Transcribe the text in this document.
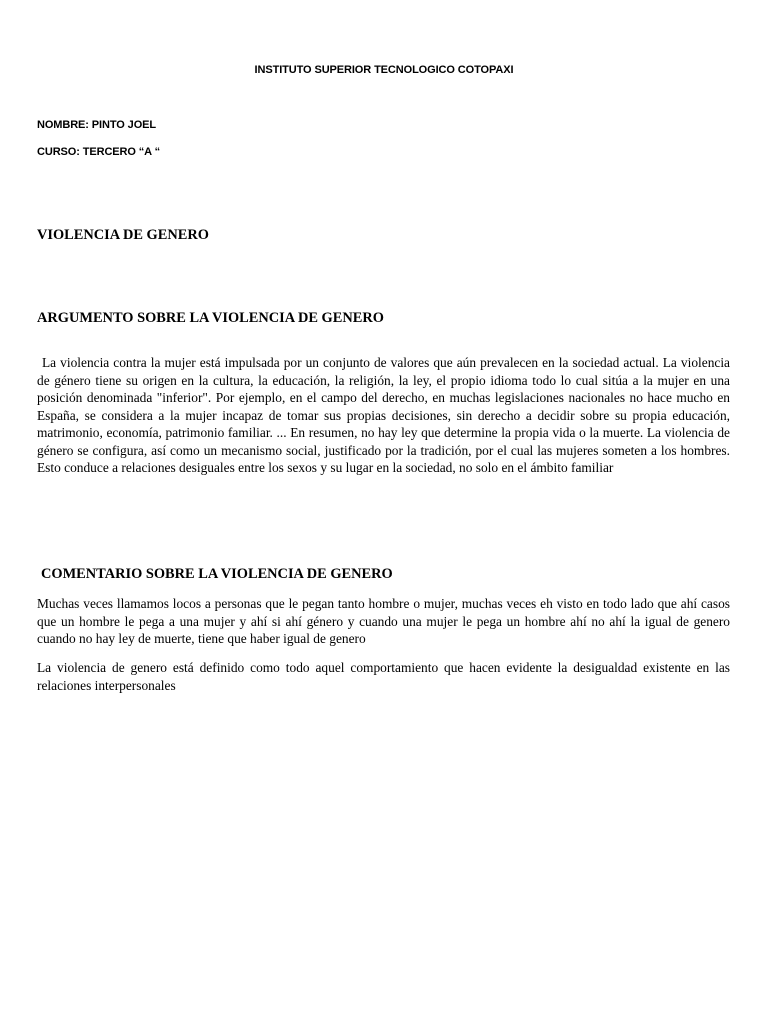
INSTITUTO SUPERIOR TECNOLOGICO COTOPAXI
NOMBRE: PINTO JOEL
CURSO: TERCERO “A “
VIOLENCIA DE GENERO
ARGUMENTO SOBRE LA VIOLENCIA DE GENERO
La violencia contra la mujer está impulsada por un conjunto de valores que aún prevalecen en la sociedad actual. La violencia de género tiene su origen en la cultura, la educación, la religión, la ley, el propio idioma todo lo cual sitúa a la mujer en una posición denominada "inferior". Por ejemplo, en el campo del derecho, en muchas legislaciones nacionales no hace mucho en España, se considera a la mujer incapaz de tomar sus propias decisiones, sin derecho a decidir sobre su propia educación, matrimonio, economía, patrimonio familiar. ... En resumen, no hay ley que determine la propia vida o la muerte. La violencia de género se configura, así como un mecanismo social, justificado por la tradición, por el cual las mujeres someten a los hombres. Esto conduce a relaciones desiguales entre los sexos y su lugar en la sociedad, no solo en el ámbito familiar
COMENTARIO SOBRE LA VIOLENCIA DE GENERO
Muchas veces llamamos locos a personas que le pegan tanto hombre o mujer, muchas veces eh visto en todo lado que ahí casos que un hombre le pega a una mujer y ahí si ahí género y cuando una mujer le pega un hombre ahí no ahí la igual de genero cuando no hay ley de muerte, tiene que haber igual de genero
La violencia de genero está definido como todo aquel comportamiento que hacen evidente la desigualdad existente en las relaciones interpersonales
